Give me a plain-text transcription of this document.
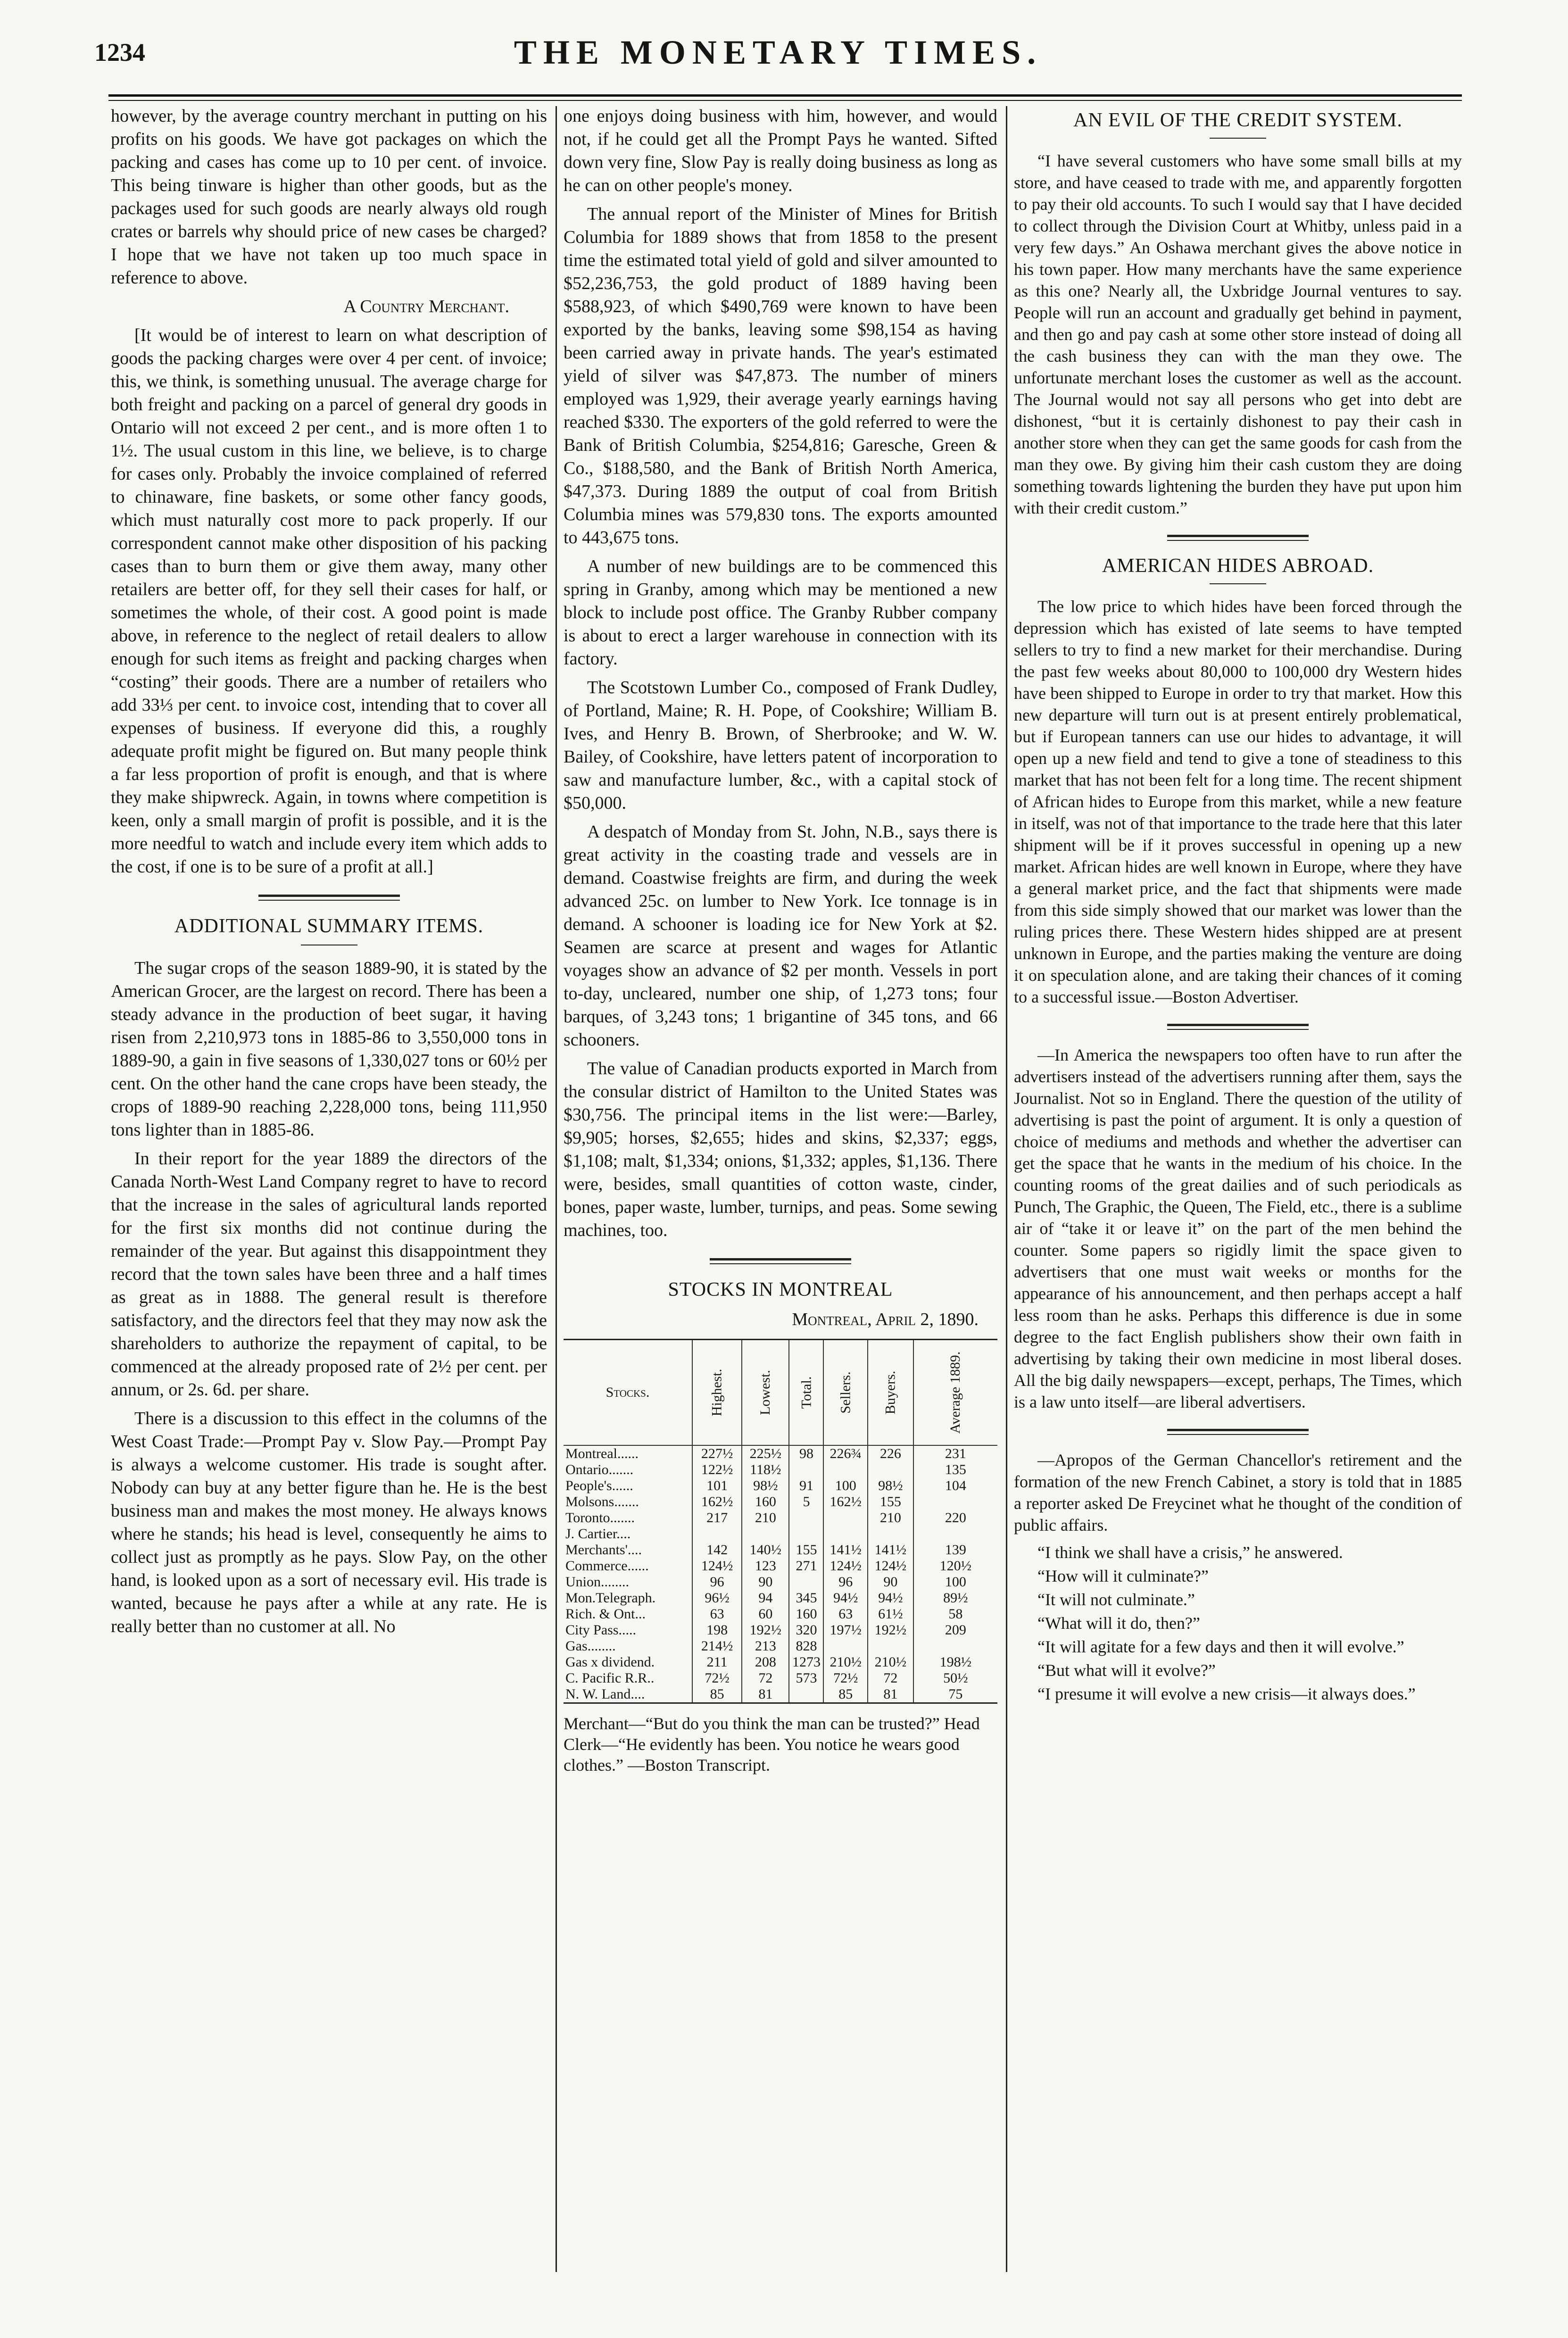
1234	THE MONETARY TIMES.

however, by the average country merchant in putting on his profits on his goods. We have got packages on which the packing and cases has come up to 10 per cent. of invoice. This being tinware is higher than other goods, but as the packages used for such goods are nearly always old rough crates or barrels why should price of new cases be charged? I hope that we have not taken up too much space in reference to above.

A Country Merchant.

[It would be of interest to learn on what description of goods the packing charges were over 4 per cent. of invoice; this, we think, is something unusual. The average charge for both freight and packing on a parcel of general dry goods in Ontario will not exceed 2 per cent., and is more often 1 to 1½. The usual custom in this line, we believe, is to charge for cases only. Probably the invoice complained of referred to chinaware, fine baskets, or some other fancy goods, which must naturally cost more to pack properly. If our correspondent cannot make other disposition of his packing cases than to burn them or give them away, many other retailers are better off, for they sell their cases for half, or sometimes the whole, of their cost. A good point is made above, in reference to the neglect of retail dealers to allow enough for such items as freight and packing charges when “costing” their goods. There are a number of retailers who add 33⅓ per cent. to invoice cost, intending that to cover all expenses of business. If everyone did this, a roughly adequate profit might be figured on. But many people think a far less proportion of profit is enough, and that is where they make shipwreck. Again, in towns where competition is keen, only a small margin of profit is possible, and it is the more needful to watch and include every item which adds to the cost, if one is to be sure of a profit at all.]

ADDITIONAL SUMMARY ITEMS.

The sugar crops of the season 1889-90, it is stated by the American Grocer, are the largest on record. There has been a steady advance in the production of beet sugar, it having risen from 2,210,973 tons in 1885-86 to 3,550,000 tons in 1889-90, a gain in five seasons of 1,330,027 tons or 60½ per cent. On the other hand the cane crops have been steady, the crops of 1889-90 reaching 2,228,000 tons, being 111,950 tons lighter than in 1885-86.

In their report for the year 1889 the directors of the Canada North-West Land Company regret to have to record that the increase in the sales of agricultural lands reported for the first six months did not continue during the remainder of the year. But against this disappointment they record that the town sales have been three and a half times as great as in 1888. The general result is therefore satisfactory, and the directors feel that they may now ask the shareholders to authorize the repayment of capital, to be commenced at the already proposed rate of 2½ per cent. per annum, or 2s. 6d. per share.

There is a discussion to this effect in the columns of the West Coast Trade:—Prompt Pay v. Slow Pay.—Prompt Pay is always a welcome customer. His trade is sought after. Nobody can buy at any better figure than he. He is the best business man and makes the most money. He always knows where he stands; his head is level, consequently he aims to collect just as promptly as he pays. Slow Pay, on the other hand, is looked upon as a sort of necessary evil. His trade is wanted, because he pays after a while at any rate. He is really better than no customer at all. No

one enjoys doing business with him, however, and would not, if he could get all the Prompt Pays he wanted. Sifted down very fine, Slow Pay is really doing business as long as he can on other people's money.

The annual report of the Minister of Mines for British Columbia for 1889 shows that from 1858 to the present time the estimated total yield of gold and silver amounted to $52,236,753, the gold product of 1889 having been $588,923, of which $490,769 were known to have been exported by the banks, leaving some $98,154 as having been carried away in private hands. The year's estimated yield of silver was $47,873. The number of miners employed was 1,929, their average yearly earnings having reached $330. The exporters of the gold referred to were the Bank of British Columbia, $254,816; Garesche, Green & Co., $188,580, and the Bank of British North America, $47,373. During 1889 the output of coal from British Columbia mines was 579,830 tons. The exports amounted to 443,675 tons.

A number of new buildings are to be commenced this spring in Granby, among which may be mentioned a new block to include post office. The Granby Rubber company is about to erect a larger warehouse in connection with its factory.

The Scotstown Lumber Co., composed of Frank Dudley, of Portland, Maine; R. H. Pope, of Cookshire; William B. Ives, and Henry B. Brown, of Sherbrooke; and W. W. Bailey, of Cookshire, have letters patent of incorporation to saw and manufacture lumber, &c., with a capital stock of $50,000.

A despatch of Monday from St. John, N.B., says there is great activity in the coasting trade and vessels are in demand. Coastwise freights are firm, and during the week advanced 25c. on lumber to New York. Ice tonnage is in demand. A schooner is loading ice for New York at $2. Seamen are scarce at present and wages for Atlantic voyages show an advance of $2 per month. Vessels in port to-day, uncleared, number one ship, of 1,273 tons; four barques, of 3,243 tons; 1 brigantine of 345 tons, and 66 schooners.

The value of Canadian products exported in March from the consular district of Hamilton to the United States was $30,756. The principal items in the list were:—Barley, $9,905; horses, $2,655; hides and skins, $2,337; eggs, $1,108; malt, $1,334; onions, $1,332; apples, $1,136. There were, besides, small quantities of cotton waste, cinder, bones, paper waste, lumber, turnips, and peas. Some sewing machines, too.

STOCKS IN MONTREAL
Montreal, April 2, 1890.
Stocks.	Highest.	Lowest.	Total.	Sellers.	Buyers.	Average 1889.
Montreal......	227½	225½	98	226¾	226	231
Ontario.......	122½	118½				135
People's......	101	98½	91	100	98½	104
Molsons.......	162½	160	5	162½	155	
Toronto.......	217	210			210	220
J. Cartier....						
Merchants'....	142	140½	155	141½	141½	139
Commerce......	124½	123	271	124½	124½	120½
Union........	96	90		96	90	100
Mon.Telegraph.	96½	94	345	94½	94½	89½
Rich. & Ont...	63	60	160	63	61½	58
City Pass.....	198	192½	320	197½	192½	209
Gas........	214½	213	828			
Gas x dividend.	211	208	1273	210½	210½	198½
C. Pacific R.R..	72½	72	573	72½	72	50½
N. W. Land....	85	81		85	81	75
Merchant—“But do you think the man can be trusted?” Head Clerk—“He evidently has been. You notice he wears good clothes.” —Boston Transcript.
AN EVIL OF THE CREDIT SYSTEM.

“I have several customers who have some small bills at my store, and have ceased to trade with me, and apparently forgotten to pay their old accounts. To such I would say that I have decided to collect through the Division Court at Whitby, unless paid in a very few days.” An Oshawa merchant gives the above notice in his town paper. How many merchants have the same experience as this one? Nearly all, the Uxbridge Journal ventures to say. People will run an account and gradually get behind in payment, and then go and pay cash at some other store instead of doing all the cash business they can with the man they owe. The unfortunate merchant loses the customer as well as the account. The Journal would not say all persons who get into debt are dishonest, “but it is certainly dishonest to pay their cash in another store when they can get the same goods for cash from the man they owe. By giving him their cash custom they are doing something towards lightening the burden they have put upon him with their credit custom.”

AMERICAN HIDES ABROAD.

The low price to which hides have been forced through the depression which has existed of late seems to have tempted sellers to try to find a new market for their merchandise. During the past few weeks about 80,000 to 100,000 dry Western hides have been shipped to Europe in order to try that market. How this new departure will turn out is at present entirely problematical, but if European tanners can use our hides to advantage, it will open up a new field and tend to give a tone of steadiness to this market that has not been felt for a long time. The recent shipment of African hides to Europe from this market, while a new feature in itself, was not of that importance to the trade here that this later shipment will be if it proves successful in opening up a new market. African hides are well known in Europe, where they have a general market price, and the fact that shipments were made from this side simply showed that our market was lower than the ruling prices there. These Western hides shipped are at present unknown in Europe, and the parties making the venture are doing it on speculation alone, and are taking their chances of it coming to a successful issue.—Boston Advertiser.

—In America the newspapers too often have to run after the advertisers instead of the advertisers running after them, says the Journalist. Not so in England. There the question of the utility of advertising is past the point of argument. It is only a question of choice of mediums and methods and whether the advertiser can get the space that he wants in the medium of his choice. In the counting rooms of the great dailies and of such periodicals as Punch, The Graphic, the Queen, The Field, etc., there is a sublime air of “take it or leave it” on the part of the men behind the counter. Some papers so rigidly limit the space given to advertisers that one must wait weeks or months for the appearance of his announcement, and then perhaps accept a half less room than he asks. Perhaps this difference is due in some degree to the fact English publishers show their own faith in advertising by taking their own medicine in most liberal doses. All the big daily newspapers—except, perhaps, The Times, which is a law unto itself—are liberal advertisers.

—Apropos of the German Chancellor's retirement and the formation of the new French Cabinet, a story is told that in 1885 a reporter asked De Freycinet what he thought of the condition of public affairs.

“I think we shall have a crisis,” he answered.

“How will it culminate?”

“It will not culminate.”

“What will it do, then?”

“It will agitate for a few days and then it will evolve.”

“But what will it evolve?”

“I presume it will evolve a new crisis—it always does.”
